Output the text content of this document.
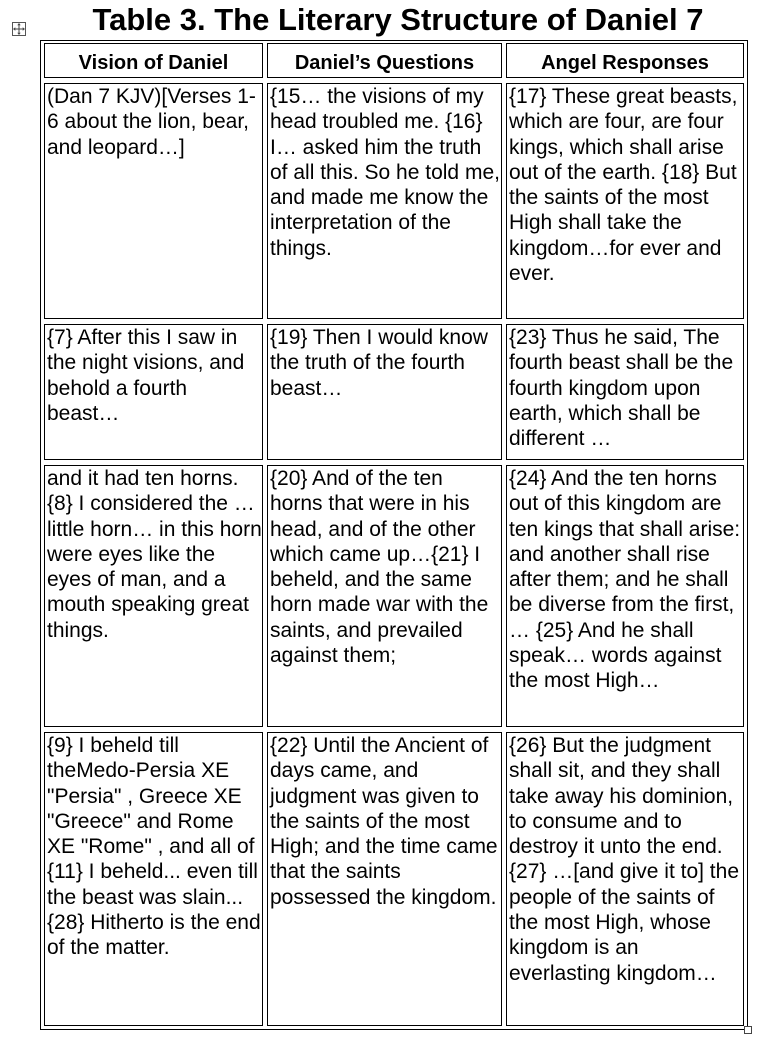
Table 3. The Literary Structure of Daniel 7
Vision of Daniel	Daniel’s Questions	Angel Responses
(Dan 7 KJV)[Verses 1-6 about the lion, bear, and leopard…]
{15… the visions of my head troubled me. {16} I… asked him the truth of all this. So he told me, and made me know the interpretation of the things.
{17} These great beasts, which are four, are four kings, which shall arise out of the earth. {18} But the saints of the most High shall take the kingdom…for ever and ever.
{7} After this I saw in the night visions, and behold a fourth beast…
{19} Then I would know the truth of the fourth beast…
{23} Thus he said, The fourth beast shall be the fourth kingdom upon earth, which shall be different …
and it had ten horns. {8} I considered the …little horn… in this horn were eyes like the eyes of man, and a mouth speaking great things.
{20} And of the ten horns that were in his head, and of the other which came up…{21} I beheld, and the same horn made war with the saints, and prevailed against them;
{24} And the ten horns out of this kingdom are ten kings that shall arise: and another shall rise after them; and he shall be diverse from the first, … {25} And he shall speak… words against the most High…
{9} I beheld till theMedo-Persia XE "Persia" , Greece XE "Greece" and Rome XE "Rome" , and all of {11} I beheld... even till the beast was slain... {28} Hitherto is the end of the matter.
{22} Until the Ancient of days came, and judgment was given to the saints of the most High; and the time came that the saints possessed the kingdom.
{26} But the judgment shall sit, and they shall take away his dominion, to consume and to destroy it unto the end. {27} …[and give it to] the people of the saints of the most High, whose kingdom is an everlasting kingdom…
